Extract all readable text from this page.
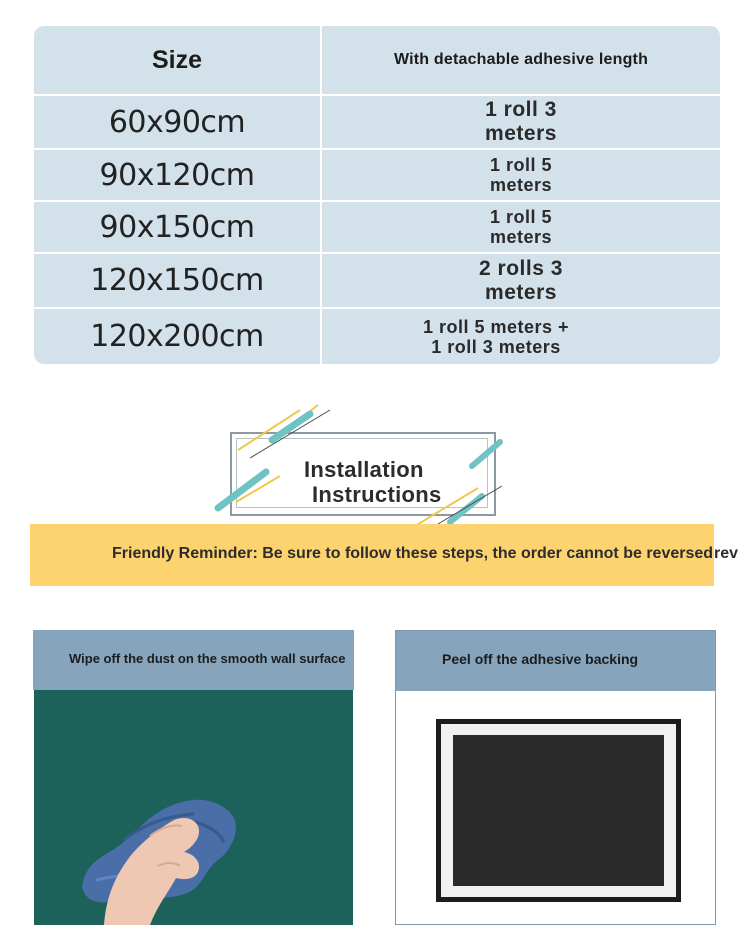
Size	With detachable adhesive length
60x90cm	1 roll 3
meters
90x120cm	1 roll 5
meters
90x150cm	1 roll 5
meters
120x150cm	2 rolls 3
meters
120x200cm	1 roll 5 meters +
1 roll 3 meters
Installation
Instructions
Friendly Reminder: Be sure to follow these steps, the order cannot be reversed rev
Wipe off the dust on the smooth wall surface	Peel off the adhesive backing
